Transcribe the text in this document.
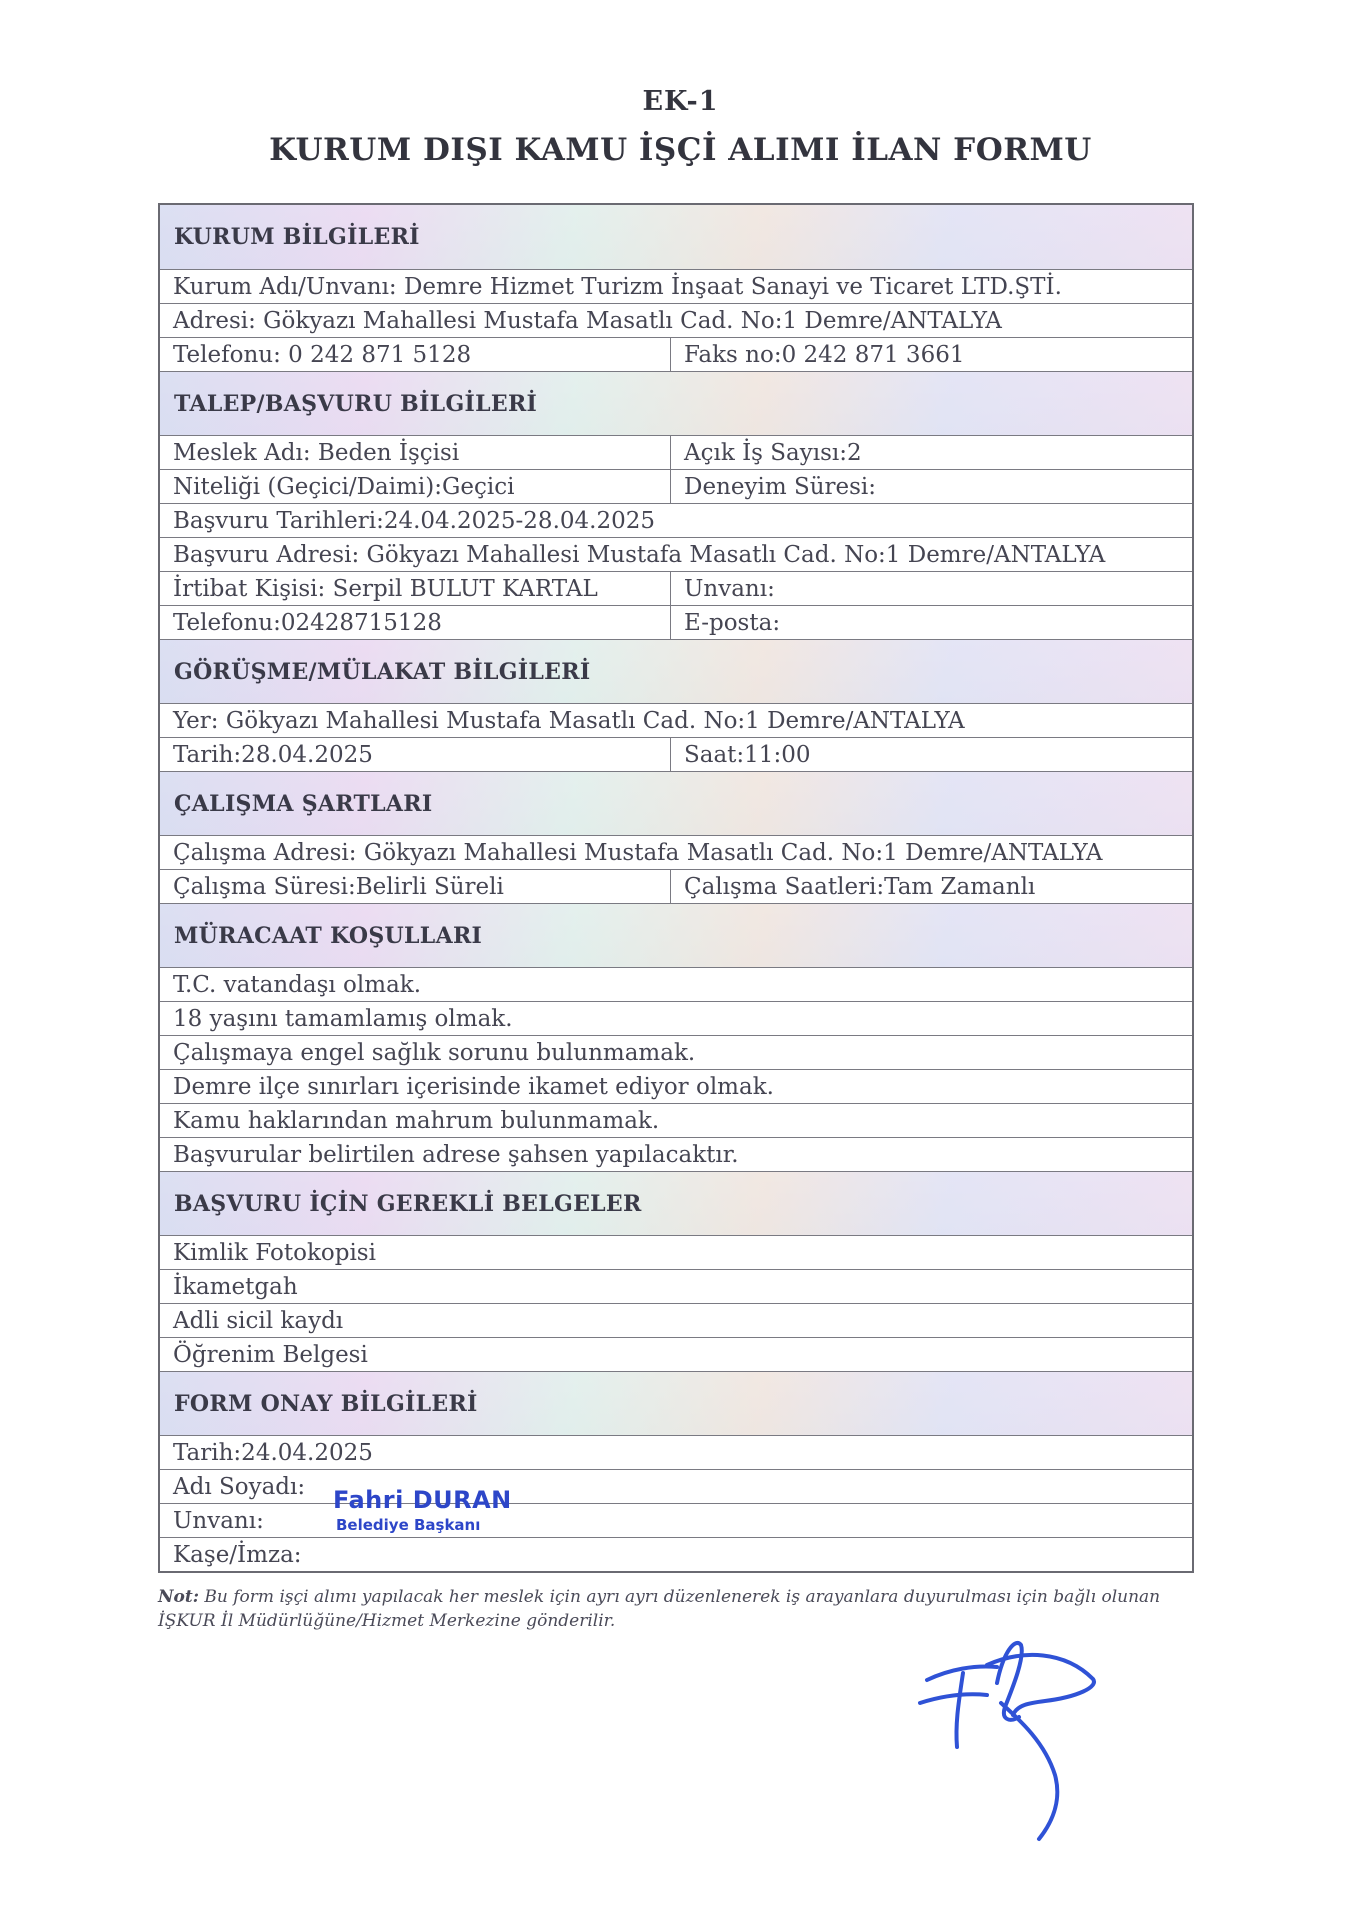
EK-1
KURUM DIŞI KAMU İŞÇİ ALIMI İLAN FORMU
KURUM BİLGİLERİ
Kurum Adı/Unvanı: Demre Hizmet Turizm İnşaat Sanayi ve Ticaret LTD.ŞTİ.
Adresi: Gökyazı Mahallesi Mustafa Masatlı Cad. No:1 Demre/ANTALYA
Telefonu: 0 242 871 5128	Faks no:0 242 871 3661
TALEP/BAŞVURU BİLGİLERİ
Meslek Adı: Beden İşçisi	Açık İş Sayısı:2
Niteliği (Geçici/Daimi):Geçici	Deneyim Süresi:
Başvuru Tarihleri:24.04.2025-28.04.2025
Başvuru Adresi: Gökyazı Mahallesi Mustafa Masatlı Cad. No:1 Demre/ANTALYA
İrtibat Kişisi: Serpil BULUT KARTAL	Unvanı:
Telefonu:02428715128	E-posta:
GÖRÜŞME/MÜLAKAT BİLGİLERİ
Yer: Gökyazı Mahallesi Mustafa Masatlı Cad. No:1 Demre/ANTALYA
Tarih:28.04.2025	Saat:11:00
ÇALIŞMA ŞARTLARI
Çalışma Adresi: Gökyazı Mahallesi Mustafa Masatlı Cad. No:1 Demre/ANTALYA
Çalışma Süresi:Belirli Süreli	Çalışma Saatleri:Tam Zamanlı
MÜRACAAT KOŞULLARI
T.C. vatandaşı olmak.
18 yaşını tamamlamış olmak.
Çalışmaya engel sağlık sorunu bulunmamak.
Demre ilçe sınırları içerisinde ikamet ediyor olmak.
Kamu haklarından mahrum bulunmamak.
Başvurular belirtilen adrese şahsen yapılacaktır.
BAŞVURU İÇİN GEREKLİ BELGELER
Kimlik Fotokopisi
İkametgah
Adli sicil kaydı
Öğrenim Belgesi
FORM ONAY BİLGİLERİ
Tarih:24.04.2025
Adı Soyadı:
Unvanı:
Kaşe/İmza:
Fahri DURAN
Belediye Başkanı
Not: Bu form işçi alımı yapılacak her meslek için ayrı ayrı düzenlenerek iş arayanlara duyurulması için bağlı olunan İŞKUR İl Müdürlüğüne/Hizmet Merkezine gönderilir.
